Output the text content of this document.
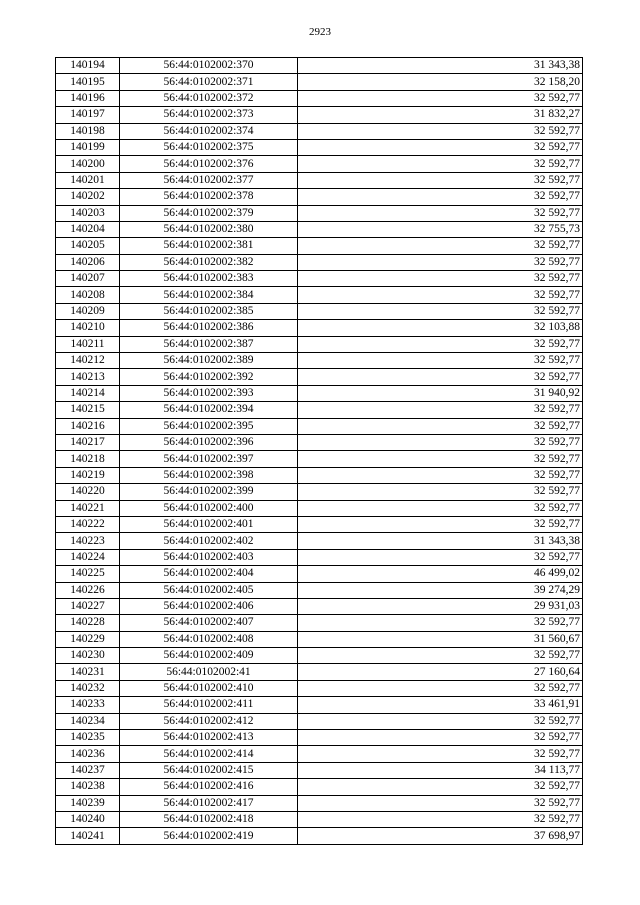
2923
140194	56:44:0102002:370	31 343,38
140195	56:44:0102002:371	32 158,20
140196	56:44:0102002:372	32 592,77
140197	56:44:0102002:373	31 832,27
140198	56:44:0102002:374	32 592,77
140199	56:44:0102002:375	32 592,77
140200	56:44:0102002:376	32 592,77
140201	56:44:0102002:377	32 592,77
140202	56:44:0102002:378	32 592,77
140203	56:44:0102002:379	32 592,77
140204	56:44:0102002:380	32 755,73
140205	56:44:0102002:381	32 592,77
140206	56:44:0102002:382	32 592,77
140207	56:44:0102002:383	32 592,77
140208	56:44:0102002:384	32 592,77
140209	56:44:0102002:385	32 592,77
140210	56:44:0102002:386	32 103,88
140211	56:44:0102002:387	32 592,77
140212	56:44:0102002:389	32 592,77
140213	56:44:0102002:392	32 592,77
140214	56:44:0102002:393	31 940,92
140215	56:44:0102002:394	32 592,77
140216	56:44:0102002:395	32 592,77
140217	56:44:0102002:396	32 592,77
140218	56:44:0102002:397	32 592,77
140219	56:44:0102002:398	32 592,77
140220	56:44:0102002:399	32 592,77
140221	56:44:0102002:400	32 592,77
140222	56:44:0102002:401	32 592,77
140223	56:44:0102002:402	31 343,38
140224	56:44:0102002:403	32 592,77
140225	56:44:0102002:404	46 499,02
140226	56:44:0102002:405	39 274,29
140227	56:44:0102002:406	29 931,03
140228	56:44:0102002:407	32 592,77
140229	56:44:0102002:408	31 560,67
140230	56:44:0102002:409	32 592,77
140231	56:44:0102002:41	27 160,64
140232	56:44:0102002:410	32 592,77
140233	56:44:0102002:411	33 461,91
140234	56:44:0102002:412	32 592,77
140235	56:44:0102002:413	32 592,77
140236	56:44:0102002:414	32 592,77
140237	56:44:0102002:415	34 113,77
140238	56:44:0102002:416	32 592,77
140239	56:44:0102002:417	32 592,77
140240	56:44:0102002:418	32 592,77
140241	56:44:0102002:419	37 698,97
